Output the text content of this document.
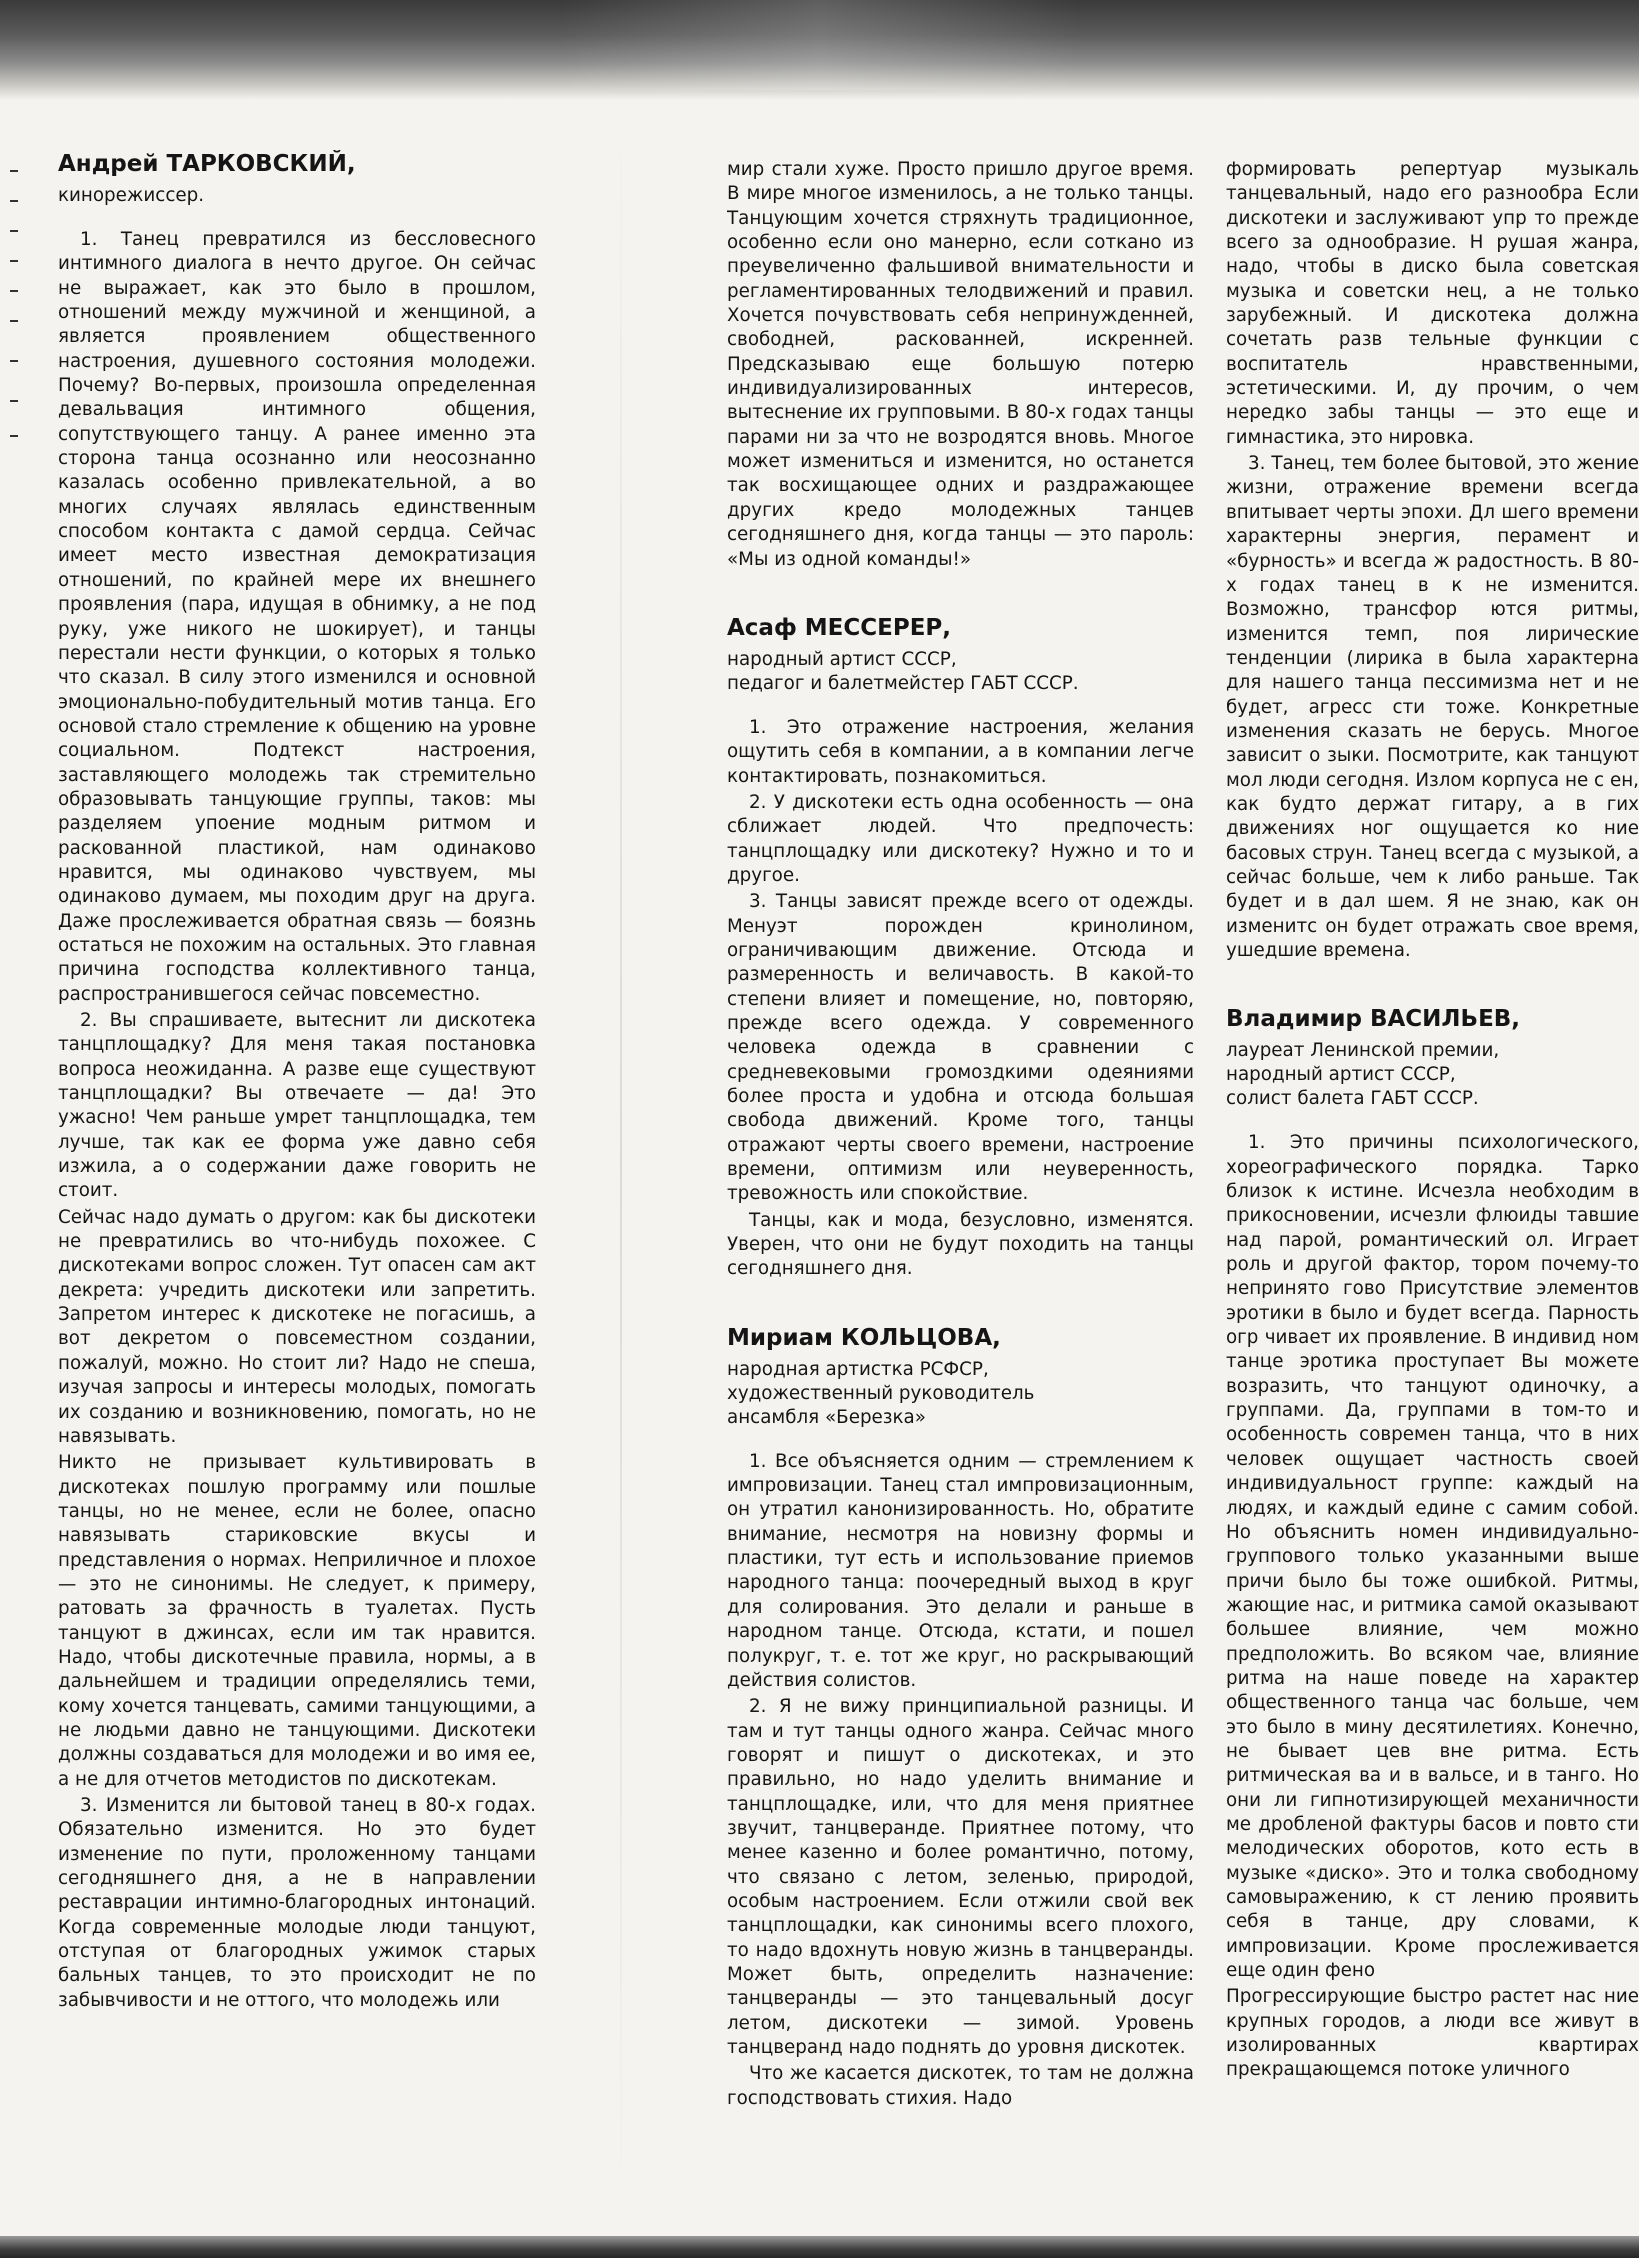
Андрей ТАРКОВСКИЙ,
кинорежиссер.

1. Танец превратился из бессловесного интимного диалога в нечто другое. Он сейчас не выражает, как это было в прошлом, отношений между мужчиной и женщиной, а является проявлением общественного настроения, душевного состояния молодежи. Почему? Во-первых, произошла определенная девальвация интимного общения, сопутствующего танцу. А ранее именно эта сторона танца осознанно или неосознанно казалась особенно привлекательной, а во многих случаях являлась единственным способом контакта с дамой сердца. Сейчас имеет место известная демократизация отношений, по крайней мере их внешнего проявления (пара, идущая в обнимку, а не под руку, уже никого не шокирует), и танцы перестали нести функции, о которых я только что сказал. В силу этого изменился и основной эмоционально-побудительный мотив танца. Его основой стало стремление к общению на уровне социальном. Подтекст настроения, заставляющего молодежь так стремительно образовывать танцующие группы, таков: мы разделяем упоение модным ритмом и раскованной пластикой, нам одинаково нравится, мы одинаково чувствуем, мы одинаково думаем, мы походим друг на друга. Даже прослеживается обратная связь — боязнь остаться не похожим на остальных. Это главная причина господства коллективного танца, распространившегося сейчас повсеместно.

2. Вы спрашиваете, вытеснит ли дискотека танцплощадку? Для меня такая постановка вопроса неожиданна. А разве еще существуют танцплощадки? Вы отвечаете — да! Это ужасно! Чем раньше умрет танцплощадка, тем лучше, так как ее форма уже давно себя изжила, а о содержании даже говорить не стоит.

Сейчас надо думать о другом: как бы дискотеки не превратились во что-нибудь похожее. С дискотеками вопрос сложен. Тут опасен сам акт декрета: учредить дискотеки или запретить. Запретом интерес к дискотеке не погасишь, а вот декретом о повсеместном создании, пожалуй, можно. Но стоит ли? Надо не спеша, изучая запросы и интересы молодых, помогать их созданию и возникновению, помогать, но не навязывать.

Никто не призывает культивировать в дискотеках пошлую программу или пошлые танцы, но не менее, если не более, опасно навязывать стариковские вкусы и представления о нормах. Неприличное и плохое — это не синонимы. Не следует, к примеру, ратовать за фрачность в туалетах. Пусть танцуют в джинсах, если им так нравится. Надо, чтобы дискотечные правила, нормы, а в дальнейшем и традиции определялись теми, кому хочется танцевать, самими танцующими, а не людьми давно не танцующими. Дискотеки должны создаваться для молодежи и во имя ее, а не для отчетов методистов по дискотекам.

3. Изменится ли бытовой танец в 80-х годах. Обязательно изменится. Но это будет изменение по пути, проложенному танцами сегодняшнего дня, а не в направлении реставрации интимно-благородных интонаций. Когда современные молодые люди танцуют, отступая от благородных ужимок старых бальных танцев, то это происходит не по забывчивости и не оттого, что молодежь или

мир стали хуже. Просто пришло другое время. В мире многое изменилось, а не только танцы. Танцующим хочется стряхнуть традиционное, особенно если оно манерно, если соткано из преувеличенно фальшивой внимательности и регламентированных телодвижений и правил. Хочется почувствовать себя непринужденней, свободней, раскованней, искренней. Предсказываю еще большую потерю индивидуализированных интересов, вытеснение их групповыми. В 80-х годах танцы парами ни за что не возродятся вновь. Многое может измениться и изменится, но останется так восхищающее одних и раздражающее других кредо молодежных танцев сегодняшнего дня, когда танцы — это пароль: «Мы из одной команды!»

Асаф МЕССЕРЕР,
народный артист СССР,
педагог и балетмейстер ГАБТ СССР.

1. Это отражение настроения, желания ощутить себя в компании, а в компании легче контактировать, познакомиться.

2. У дискотеки есть одна особенность — она сближает людей. Что предпочесть: танцплощадку или дискотеку? Нужно и то и другое.

3. Танцы зависят прежде всего от одежды. Менуэт порожден кринолином, ограничивающим движение. Отсюда и размеренность и величавость. В какой-то степени влияет и помещение, но, повторяю, прежде всего одежда. У современного человека одежда в сравнении с средневековыми громоздкими одеяниями более проста и удобна и отсюда большая свобода движений. Кроме того, танцы отражают черты своего времени, настроение времени, оптимизм или неуверенность, тревожность или спокойствие.

Танцы, как и мода, безусловно, изменятся. Уверен, что они не будут походить на танцы сегодняшнего дня.

Мириам КОЛЬЦОВА,
народная артистка РСФСР,
художественный руководитель
ансамбля «Березка»

1. Все объясняется одним — стремлением к импровизации. Танец стал импровизационным, он утратил канонизированность. Но, обратите внимание, несмотря на новизну формы и пластики, тут есть и использование приемов народного танца: поочередный выход в круг для солирования. Это делали и раньше в народном танце. Отсюда, кстати, и пошел полукруг, т. е. тот же круг, но раскрывающий действия солистов.

2. Я не вижу принципиальной разницы. И там и тут танцы одного жанра. Сейчас много говорят и пишут о дискотеках, и это правильно, но надо уделить внимание и танцплощадке, или, что для меня приятнее звучит, танцверанде. Приятнее потому, что менее казенно и более романтично, потому, что связано с летом, зеленью, природой, особым настроением. Если отжили свой век танцплощадки, как синонимы всего плохого, то надо вдохнуть новую жизнь в танцверанды. Может быть, определить назначение: танцверанды — это танцевальный досуг летом, дискотеки — зимой. Уровень танцверанд надо поднять до уровня дискотек.

Что же касается дискотек, то там не должна господствовать стихия. Надо

формировать репертуар музыкаль танцевальный, надо его разнообра Если дискотеки и заслуживают упр то прежде всего за однообразие. Н рушая жанра, надо, чтобы в диско была советская музыка и советски нец, а не только зарубежный. И дискотека должна сочетать разв тельные функции с воспитатель нравственными, эстетическими. И, ду прочим, о чем нередко забы танцы — это еще и гимнастика, это нировка.

3. Танец, тем более бытовой, это жение жизни, отражение времени всегда впитывает черты эпохи. Дл шего времени характерны энергия, перамент и «бурность» и всегда ж радостность. В 80-х годах танец в к не изменится. Возможно, трансфор ются ритмы, изменится темп, поя лирические тенденции (лирика в была характерна для нашего танца пессимизма нет и не будет, агресс сти тоже. Конкретные изменения сказать не берусь. Многое зависит о зыки. Посмотрите, как танцуют мол люди сегодня. Излом корпуса не с ен, как будто держат гитару, а в гих движениях ног ощущается ко ние басовых струн. Танец всегда с музыкой, а сейчас больше, чем к либо раньше. Так будет и в дал шем. Я не знаю, как он изменитс он будет отражать свое время, ушедшие времена.

Владимир ВАСИЛЬЕВ,
лауреат Ленинской премии,
народный артист СССР,
солист балета ГАБТ СССР.

1. Это причины психологического, хореографического порядка. Тарко близок к истине. Исчезла необходим в прикосновении, исчезли флюиды тавшие над парой, романтический ол. Играет роль и другой фактор, тором почему-то непринято гово Присутствие элементов эротики в было и будет всегда. Парность огр чивает их проявление. В индивид ном танце эротика проступает Вы можете возразить, что танцуют одиночку, а группами. Да, группами в том-то и особенность современ танца, что в них человек ощущает частность своей индивидуальност группе: каждый на людях, и каждый едине с самим собой. Но объяснить номен индивидуально-группового только указанными выше причи было бы тоже ошибкой. Ритмы, жающие нас, и ритмика самой оказывают большее влияние, чем можно предположить. Во всяком чае, влияние ритма на наше поведе на характер общественного танца час больше, чем это было в мину десятилетиях. Конечно, не бывает цев вне ритма. Есть ритмическая ва и в вальсе, и в танго. Но они ли гипнотизирующей механичности ме дробленой фактуры басов и повто сти мелодических оборотов, кото есть в музыке «диско». Это и толка свободному самовыражению, к ст лению проявить себя в танце, дру словами, к импровизации. Кроме прослеживается еще один фено

Прогрессирующие быстро растет нас ние крупных городов, а люди все живут в изолированных квартирах прекращающемся потоке уличного
